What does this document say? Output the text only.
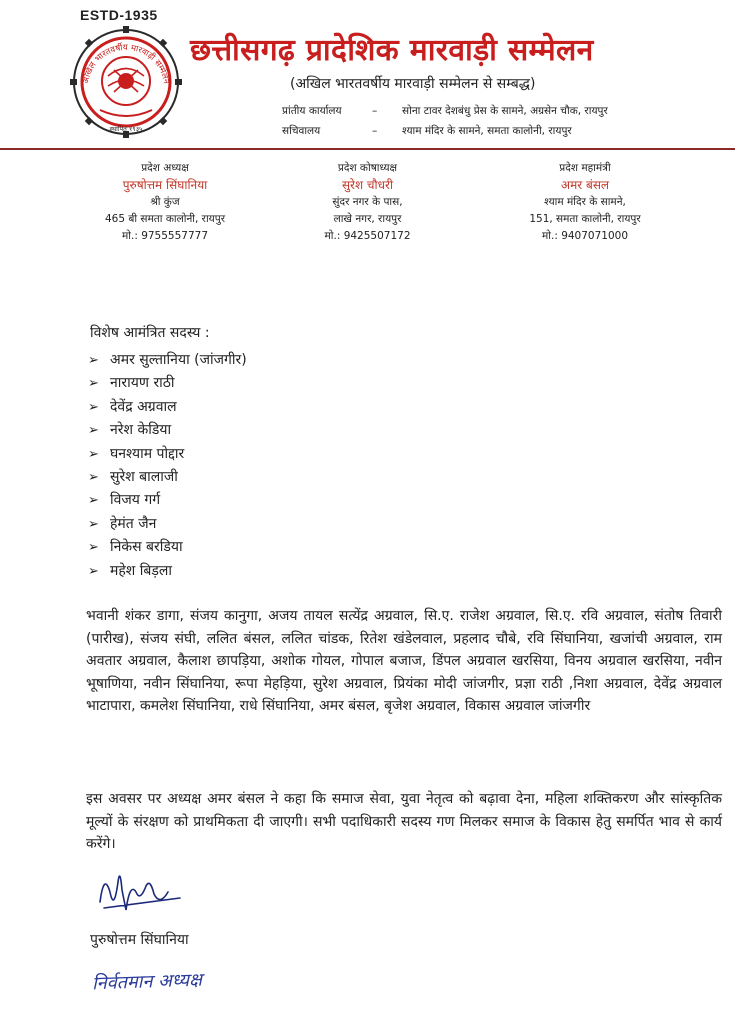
ESTD-1935
अखिल भारतवर्षीय मारवाड़ी सम्मेलन
स्थापित १९३५
छत्तीसगढ़ प्रादेशिक मारवाड़ी सम्मेलन
(अखिल भारतवर्षीय मारवाड़ी सम्मेलन से सम्बद्ध)
प्रांतीय कार्यालय	– सोना टावर देशबंधु प्रेस के सामने, अग्रसेन चौक, रायपुर
सचिवालय	– श्याम मंदिर के सामने, समता कालोनी, रायपुर
प्रदेश अध्यक्ष
पुरुषोत्तम सिंघानिया
श्री कुंज
465 बी समता कालोनी, रायपुर
मो.: 9755557777
प्रदेश कोषाध्यक्ष
सुरेश चौधरी
सुंदर नगर के पास,
लाखे नगर, रायपुर
मो.: 9425507172
प्रदेश महामंत्री
अमर बंसल
श्याम मंदिर के सामने,
151, समता कालोनी, रायपुर
मो.: 9407071000
विशेष आमंत्रित सदस्य :
➢ अमर सुल्तानिया (जांजगीर)
➢ नारायण राठी
➢ देवेंद्र अग्रवाल
➢ नरेश केडिया
➢ घनश्याम पोद्दार
➢ सुरेश बालाजी
➢ विजय गर्ग
➢ हेमंत जैन
➢ निकेस बरडिया
➢ महेश बिड़ला

भवानी शंकर डागा, संजय कानुगा, अजय तायल सत्येंद्र अग्रवाल, सि.ए. राजेश अग्रवाल, सि.ए. रवि अग्रवाल, संतोष तिवारी (पारीख), संजय संघी, ललित बंसल, ललित चांडक, रितेश खंडेलवाल, प्रहलाद चौबे, रवि सिंघानिया, खजांची अग्रवाल, राम अवतार अग्रवाल, कैलाश छापड़िया, अशोक गोयल, गोपाल बजाज, डिंपल अग्रवाल खरसिया, विनय अग्रवाल खरसिया, नवीन भूषाणिया, नवीन सिंघानिया, रूपा मेहड़िया, सुरेश अग्रवाल, प्रियंका मोदी जांजगीर, प्रज्ञा राठी ,निशा अग्रवाल, देवेंद्र अग्रवाल भाटापारा, कमलेश सिंघानिया, राधे सिंघानिया, अमर बंसल, बृजेश अग्रवाल, विकास अग्रवाल जांजगीर

इस अवसर पर अध्यक्ष अमर बंसल ने कहा कि समाज सेवा, युवा नेतृत्व को बढ़ावा देना, महिला शक्तिकरण और सांस्कृतिक मूल्यों के संरक्षण को प्राथमिकता दी जाएगी। सभी पदाधिकारी सदस्य गण मिलकर समाज के विकास हेतु समर्पित भाव से कार्य करेंगे।

पुरुषोत्तम सिंघानिया
निर्वतमान अध्यक्ष
